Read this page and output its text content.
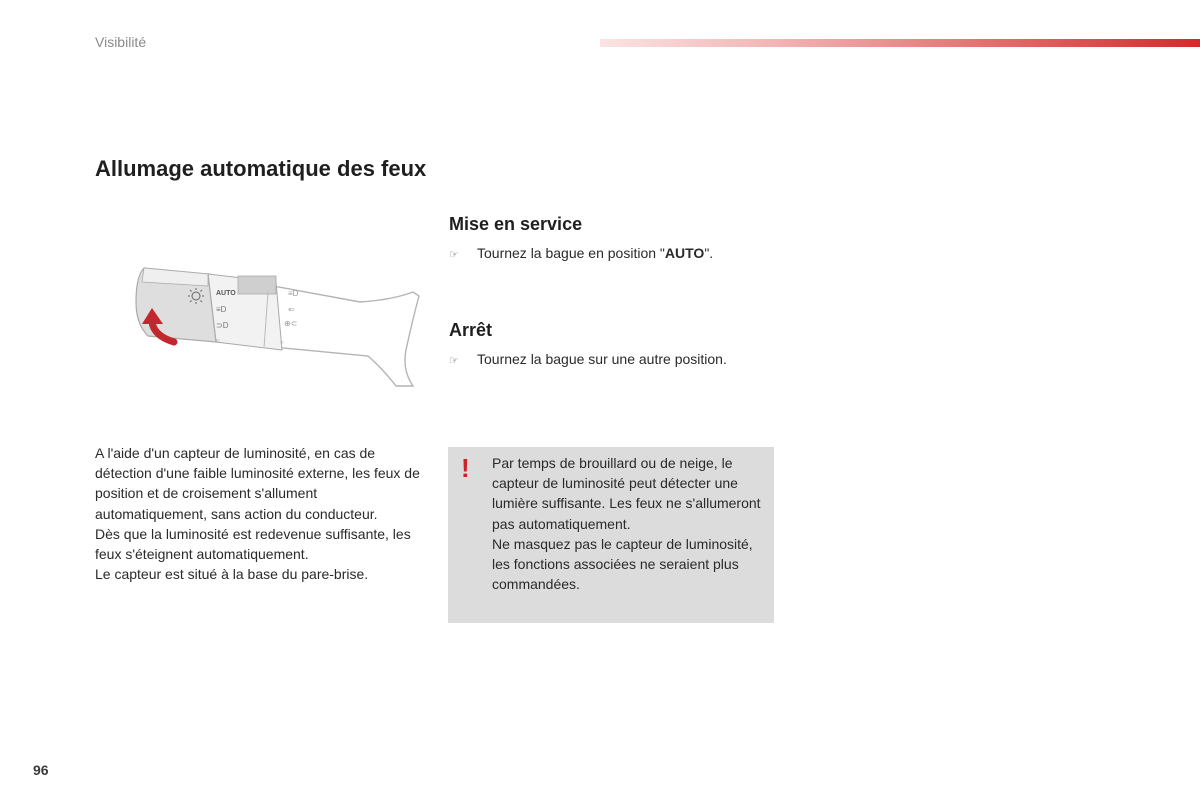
Visibilité
Allumage automatique des feux
AUTO
≡D
⊃D
○
≡D
⇐
⊕⊂
○
A l'aide d'un capteur de luminosité, en cas de détection d'une faible luminosité externe, les feux de position et de croisement s'allument automatiquement, sans action du conducteur.
Dès que la luminosité est redevenue suffisante, les feux s'éteignent automatiquement.
Le capteur est situé à la base du pare-brise.
Mise en service
☞ Tournez la bague en position "AUTO".
Arrêt
☞ Tournez la bague sur une autre position.
! Par temps de brouillard ou de neige, le capteur de luminosité peut détecter une lumière suffisante. Les feux ne s'allumeront pas automatiquement.
Ne masquez pas le capteur de luminosité, les fonctions associées ne seraient plus commandées.
96
